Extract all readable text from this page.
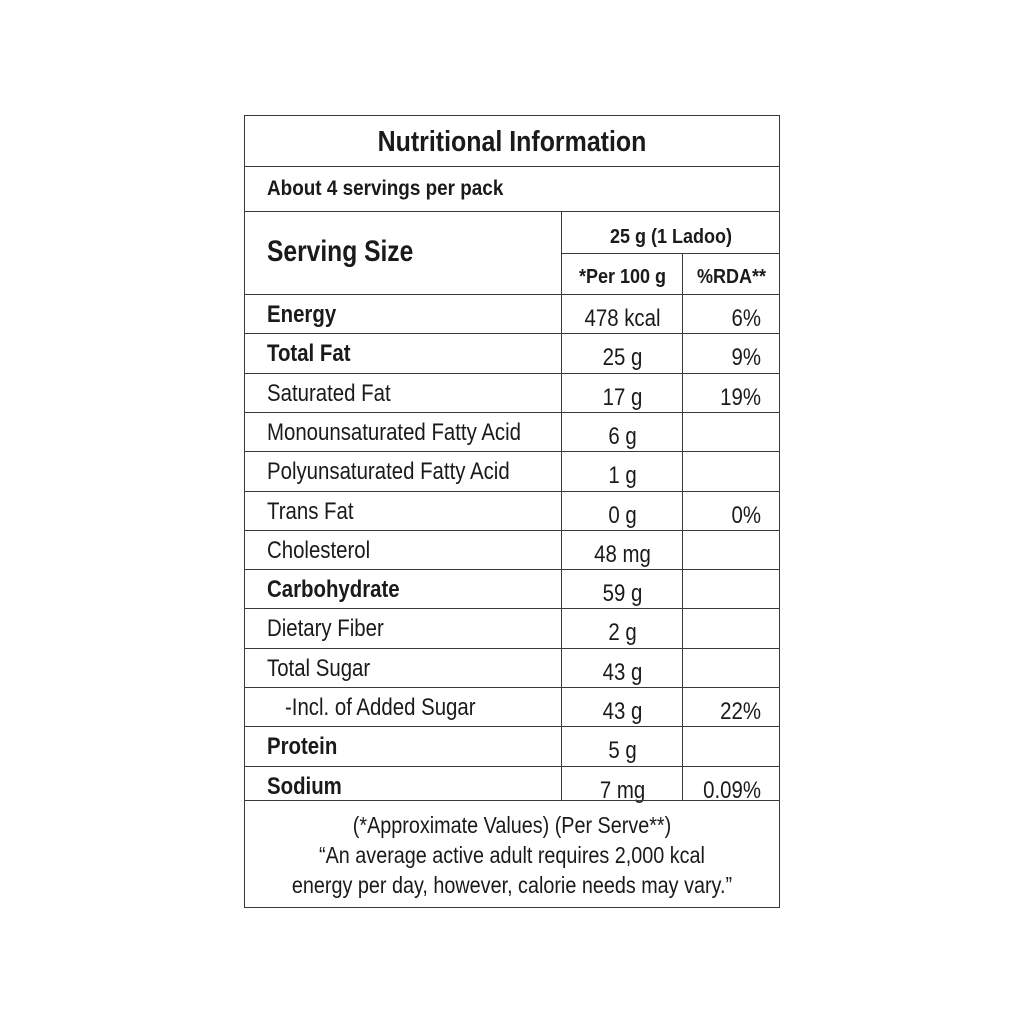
Nutritional Information
About 4 servings per pack
Serving Size	25 g (1 Ladoo)
*Per 100 g	%RDA**
Energy	478 kcal	6%
Total Fat	25 g	9%
Saturated Fat	17 g	19%
Monounsaturated Fatty Acid	6 g
Polyunsaturated Fatty Acid	1 g
Trans Fat	0 g	0%
Cholesterol	48 mg
Carbohydrate	59 g
Dietary Fiber	2 g
Total Sugar	43 g
-Incl. of Added Sugar	43 g	22%
Protein	5 g
Sodium	7 mg	0.09%
(*Approximate Values) (Per Serve**)
“An average active adult requires 2,000 kcal
energy per day, however, calorie needs may vary.”
